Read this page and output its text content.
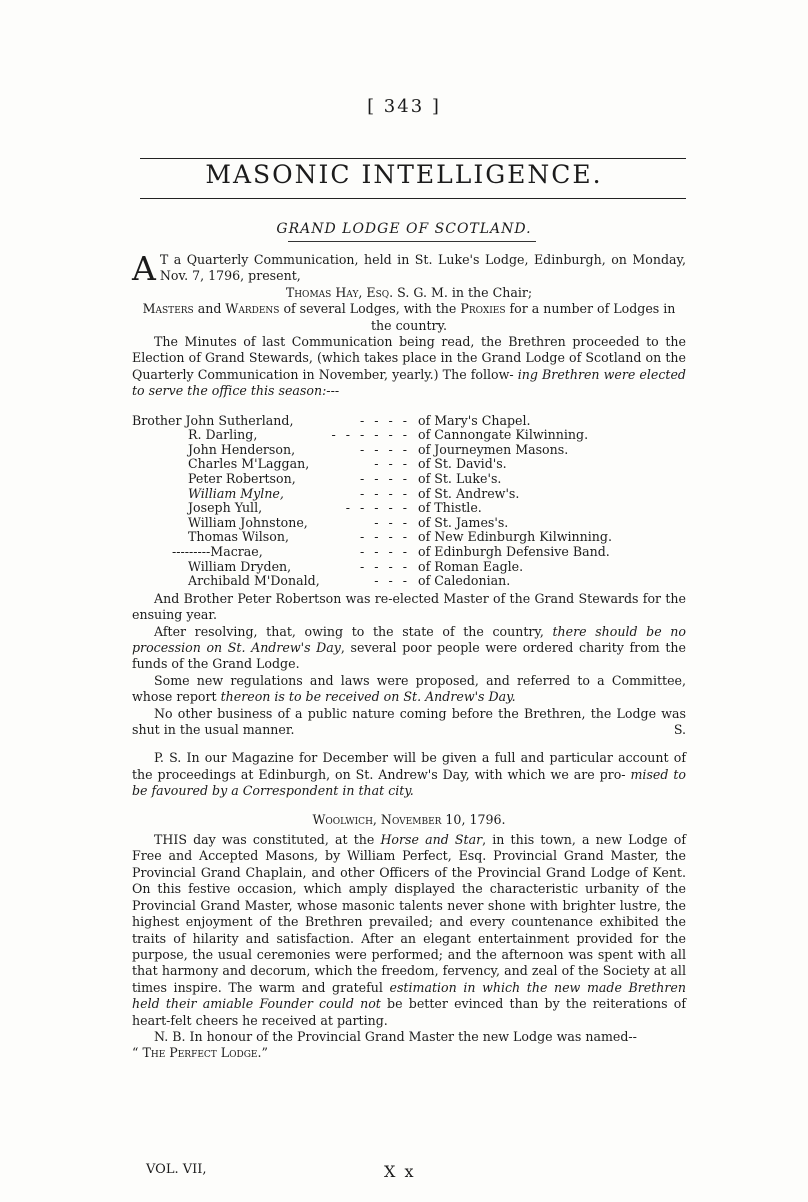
[ 343 ]
MASONIC INTELLIGENCE.
GRAND LODGE OF SCOTLAND.

A T a Quarterly Communication, held in St. Luke's Lodge, Edinburgh, on Monday, Nov. 7, 1796, present,

Thomas Hay, Esq. S. G. M. in the Chair;

Masters and Wardens of several Lodges, with the Proxies for a number of Lodges in the country.

The Minutes of last Communication being read, the Brethren proceeded to the Election of Grand Stewards, (which takes place in the Grand Lodge of Scotland on the Quarterly Communication in November, yearly.) The follow- ing Brethren were elected to serve the office this season:---

Brother John Sutherland,	- - - - of Mary's Chapel.
R. Darling,	- - - - - - of Cannongate Kilwinning.
John Henderson,	- - - - of Journeymen Masons.
Charles M'Laggan,	- - - of St. David's.
Peter Robertson,	- - - - of St. Luke's.
William Mylne,	- - - - of St. Andrew's.
Joseph Yull,	- - - - - of Thistle.
William Johnstone,	- - - of St. James's.
Thomas Wilson,	- - - - of New Edinburgh Kilwinning.
---------Macrae,	- - - - of Edinburgh Defensive Band.
William Dryden,	- - - - of Roman Eagle.
Archibald M'Donald,	- - - of Caledonian.

And Brother Peter Robertson was re-elected Master of the Grand Stewards for the ensuing year.

After resolving, that, owing to the state of the country, there should be no procession on St. Andrew's Day, several poor people were ordered charity from the funds of the Grand Lodge.

Some new regulations and laws were proposed, and referred to a Committee, whose report thereon is to be received on St. Andrew's Day.

No other business of a public nature coming before the Brethren, the Lodge was shut in the usual manner.	S.

P. S. In our Magazine for December will be given a full and particular account of the proceedings at Edinburgh, on St. Andrew's Day, with which we are pro- mised to be favoured by a Correspondent in that city.

Woolwich, November 10, 1796.

THIS day was constituted, at the Horse and Star, in this town, a new Lodge of Free and Accepted Masons, by William Perfect, Esq. Provincial Grand Master, the Provincial Grand Chaplain, and other Officers of the Provincial Grand Lodge of Kent. On this festive occasion, which amply displayed the characteristic urbanity of the Provincial Grand Master, whose masonic talents never shone with brighter lustre, the highest enjoyment of the Brethren prevailed; and every countenance exhibited the traits of hilarity and satisfaction. After an elegant entertainment provided for the purpose, the usual ceremonies were performed; and the afternoon was spent with all that harmony and decorum, which the freedom, fervency, and zeal of the Society at all times inspire. The warm and grateful estimation in which the new made Brethren held their amiable Founder could not be better evinced than by the reiterations of heart-felt cheers he received at parting.

N. B. In honour of the Provincial Grand Master the new Lodge was named--

“ The Perfect Lodge.”

VOL. VII,	X x
